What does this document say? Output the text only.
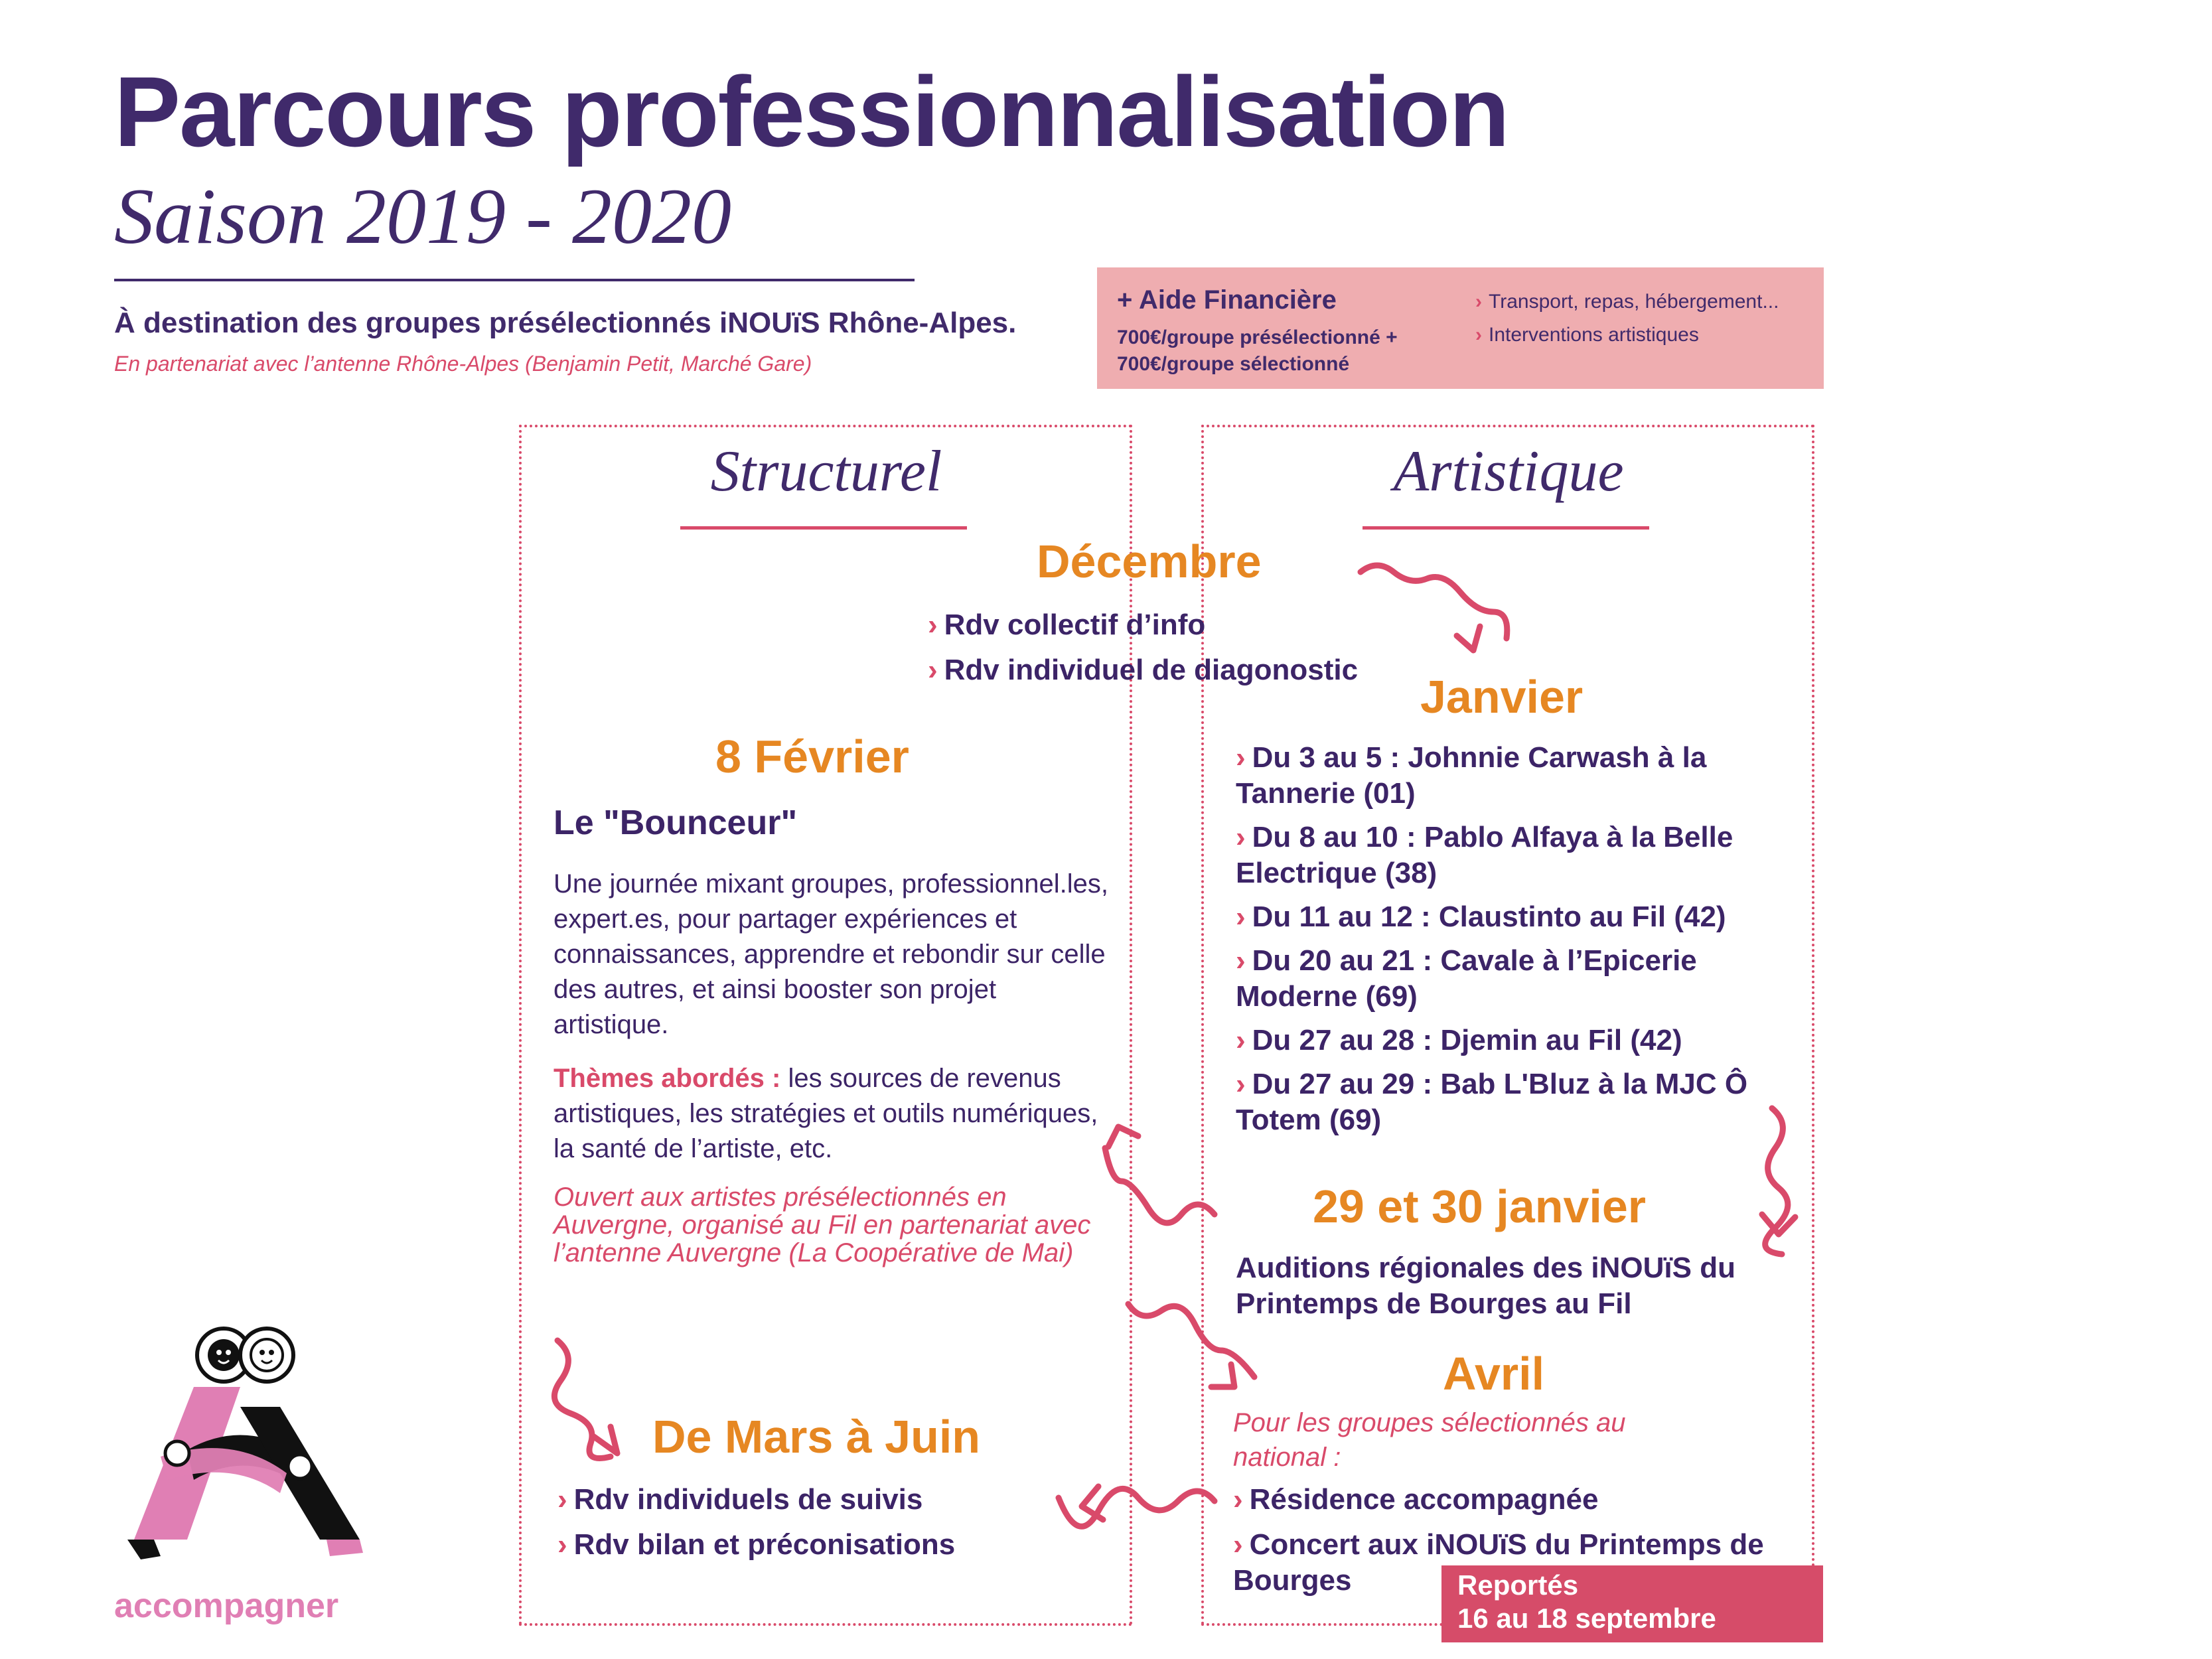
Parcours professionnalisation
Saison 2019 - 2020
À destination des groupes présélectionnés iNOUïS Rhône-Alpes.
En partenariat avec l’antenne Rhône-Alpes (Benjamin Petit, Marché Gare)
+ Aide Financière
700€/groupe présélectionné + 700€/groupe sélectionné
› Transport, repas, hébergement...
› Interventions artistiques
Structurel	Artistique
Décembre
› Rdv collectif d’info
› Rdv individuel de diagonostic
8 Février
Le "Bounceur"
Une journée mixant groupes, professionnel.les, expert.es, pour partager expériences et connaissances, apprendre et rebondir sur celle des autres, et ainsi booster son projet artistique.
Thèmes abordés : les sources de revenus artistiques, les stratégies et outils numériques, la santé de l’artiste, etc.
Ouvert aux artistes présélectionnés en Auvergne, organisé au Fil en partenariat avec l’antenne Auvergne (La Coopérative de Mai)
De Mars à Juin
› Rdv individuels de suivis
› Rdv bilan et préconisations
Janvier
› Du 3 au 5 : Johnnie Carwash à la Tannerie (01)
› Du 8 au 10 : Pablo Alfaya à la Belle Electrique (38)
› Du 11 au 12 : Claustinto au Fil (42)
› Du 20 au 21 : Cavale à l’Epicerie Moderne (69)
› Du 27 au 28 : Djemin au Fil (42)
› Du 27 au 29 : Bab L'Bluz à la MJC Ô Totem (69)
29 et 30 janvier
Auditions régionales des iNOUïS du Printemps de Bourges au Fil
Avril
Pour les groupes sélectionnés au national :
› Résidence accompagnée
› Concert aux iNOUïS du Printemps de Bourges	Reportés
16 au 18 septembre
accompagner
